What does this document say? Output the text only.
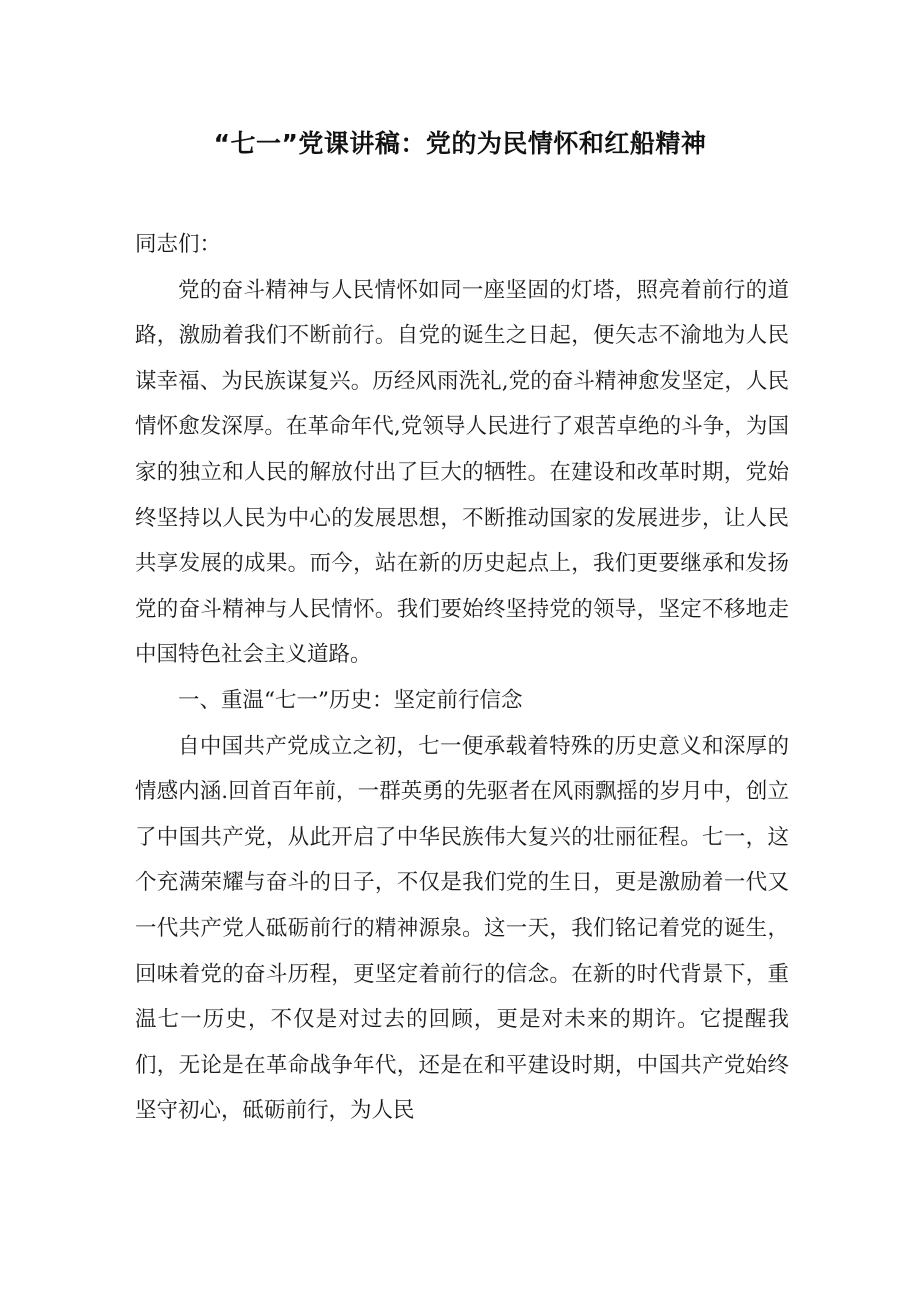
“七一”党课讲稿：党的为民情怀和红船精神

同志们：

党的奋斗精神与人民情怀如同一座坚固的灯塔，照亮着前行的道路，激励着我们不断前行。自党的诞生之日起，便矢志不渝地为人民谋幸福、为民族谋复兴。历经风雨洗礼,党的奋斗精神愈发坚定，人民情怀愈发深厚。在革命年代,党领导人民进行了艰苦卓绝的斗争，为国家的独立和人民的解放付出了巨大的牺牲。在建设和改革时期，党始终坚持以人民为中心的发展思想，不断推动国家的发展进步，让人民共享发展的成果。而今，站在新的历史起点上，我们更要继承和发扬党的奋斗精神与人民情怀。我们要始终坚持党的领导，坚定不移地走中国特色社会主义道路。

一、重温“七一”历史：坚定前行信念

自中国共产党成立之初，七一便承载着特殊的历史意义和深厚的情感内涵.回首百年前，一群英勇的先驱者在风雨飘摇的岁月中，创立了中国共产党，从此开启了中华民族伟大复兴的壮丽征程。七一，这个充满荣耀与奋斗的日子，不仅是我们党的生日，更是激励着一代又一代共产党人砥砺前行的精神源泉。这一天，我们铭记着党的诞生，回味着党的奋斗历程，更坚定着前行的信念。在新的时代背景下，重温七一历史，不仅是对过去的回顾，更是对未来的期许。它提醒我们，无论是在革命战争年代，还是在和平建设时期，中国共产党始终坚守初心，砥砺前行，为人民
